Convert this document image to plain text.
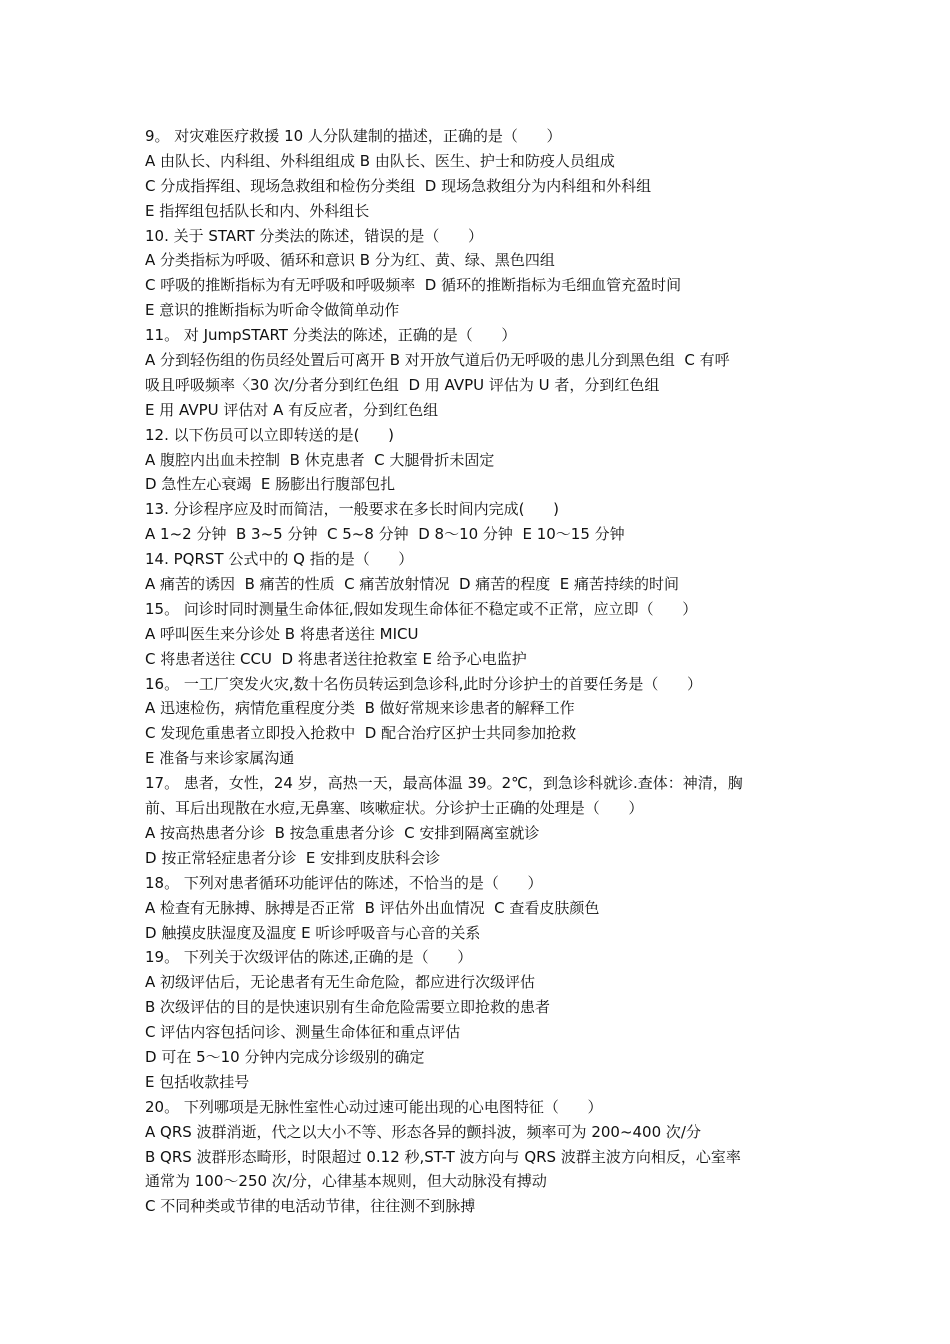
9。 对灾难医疗救援 10 人分队建制的描述，正确的是（      ）
A 由队长、内科组、外科组组成 B 由队长、医生、护士和防疫人员组成
C 分成指挥组、现场急救组和检伤分类组  D 现场急救组分为内科组和外科组
E 指挥组包括队长和内、外科组长
10. 关于 START 分类法的陈述，错误的是（      ）
A 分类指标为呼吸、循环和意识 B 分为红、黄、绿、黑色四组
C 呼吸的推断指标为有无呼吸和呼吸频率  D 循环的推断指标为毛细血管充盈时间
E 意识的推断指标为听命令做简单动作
11。 对 JumpSTART 分类法的陈述，正确的是（      ）
A 分到轻伤组的伤员经处置后可离开 B 对开放气道后仍无呼吸的患儿分到黑色组  C 有呼
吸且呼吸频率〈30 次/分者分到红色组  D 用 AVPU 评估为 U 者，分到红色组
E 用 AVPU 评估对 A 有反应者，分到红色组
12. 以下伤员可以立即转送的是(      )
A 腹腔内出血未控制  B 休克患者  C 大腿骨折未固定
D 急性左心衰竭  E 肠膨出行腹部包扎
13. 分诊程序应及时而简洁，一般要求在多长时间内完成(      )
A 1~2 分钟  B 3~5 分钟  C 5~8 分钟  D 8～10 分钟  E 10～15 分钟
14. PQRST 公式中的 Q 指的是（      ）
A 痛苦的诱因  B 痛苦的性质  C 痛苦放射情况  D 痛苦的程度  E 痛苦持续的时间
15。 问诊时同时测量生命体征,假如发现生命体征不稳定或不正常，应立即（      ）
A 呼叫医生来分诊处 B 将患者送往 MICU
C 将患者送往 CCU  D 将患者送往抢救室 E 给予心电监护
16。 一工厂突发火灾,数十名伤员转运到急诊科,此时分诊护士的首要任务是（      ）
A 迅速检伤，病情危重程度分类  B 做好常规来诊患者的解释工作
C 发现危重患者立即投入抢救中  D 配合治疗区护士共同参加抢救
E 准备与来诊家属沟通
17。 患者，女性，24 岁，高热一天，最高体温 39。2℃，到急诊科就诊.查体：神清，胸
前、耳后出现散在水痘,无鼻塞、咳嗽症状。分诊护士正确的处理是（      ）
A 按高热患者分诊  B 按急重患者分诊  C 安排到隔离室就诊
D 按正常轻症患者分诊  E 安排到皮肤科会诊
18。 下列对患者循环功能评估的陈述，不恰当的是（      ）
A 检查有无脉搏、脉搏是否正常  B 评估外出血情况  C 查看皮肤颜色
D 触摸皮肤湿度及温度 E 听诊呼吸音与心音的关系
19。 下列关于次级评估的陈述,正确的是（      ）
A 初级评估后，无论患者有无生命危险，都应进行次级评估
B 次级评估的目的是快速识别有生命危险需要立即抢救的患者
C 评估内容包括问诊、测量生命体征和重点评估
D 可在 5～10 分钟内完成分诊级别的确定
E 包括收款挂号
20。 下列哪项是无脉性室性心动过速可能出现的心电图特征（      ）
A QRS 波群消逝，代之以大小不等、形态各异的颤抖波，频率可为 200~400 次/分
B QRS 波群形态畸形，时限超过 0.12 秒,ST-T 波方向与 QRS 波群主波方向相反，心室率
通常为 100～250 次/分，心律基本规则，但大动脉没有搏动
C 不同种类或节律的电活动节律，往往测不到脉搏
